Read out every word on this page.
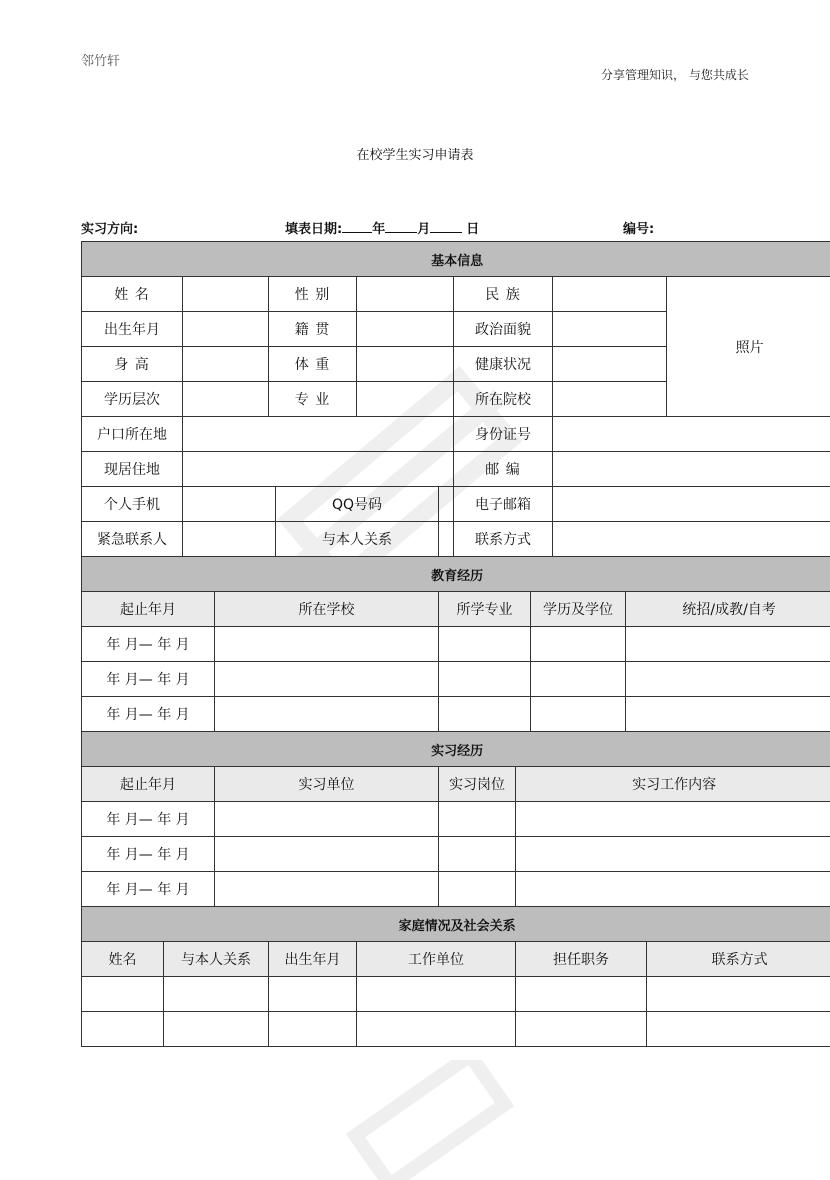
邻竹轩
分享管理知识， 与您共成长
在校学生实习申请表
实习方向:	填表日期: 年 月	日	编号:
基本信息														
姓 名				性 别				民 族						照片
出生年月				籍 贯				政治面貌						
身 高				体 重				健康状况						
学历层次				专 业				所在院校						
户口所在地								身份证号						
现居住地								邮 编						
个人手机					QQ号码			电子邮箱						
紧急联系人					与本人关系			联系方式						
教育经历														
起止年月			所在学校				所学专业			学历及学位		统招/成教/自考		
年 月— 年 月														
年 月— 年 月														
年 月— 年 月														
实习经历														
起止年月			实习单位				实习岗位		实习工作内容					
年 月— 年 月														
年 月— 年 月														
年 月— 年 月														
家庭情况及社会关系														
姓名	与本人关系			出生年月		工作单位			担任职务				联系方式	
